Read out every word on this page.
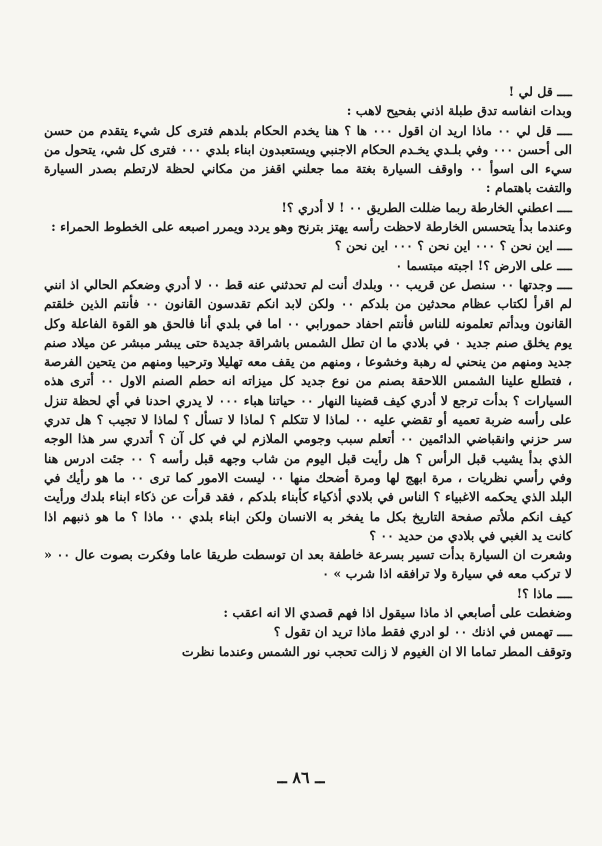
ــــ قل لي !

وبدات انفاسه تدق طبلة اذني بفحيح لاهب :

ــــ قل لي ٠٠ ماذا اريد ان اقول ٠٠٠ ها ؟ هنا يخدم الحكام بلدهم فترى كل شيء يتقدم من حسن الى أحسن ٠٠٠ وفي بلـدي يخـدم الحكام الاجنبي ويستعبدون ابناء بلدي ٠٠٠ فترى كل شي، يتحول من سيء الى اسوأ ٠٠ واوقف السيارة بغتة مما جعلني اقفز من مكاني لحظة لارتطم بصدر السيارة والتفت باهتمام :

ــــ اعطني الخارطة ربما ضللت الطريق ٠٠ ! لا أدري ؟!

وعندما بدأ يتحسس الخارطة لاحظت رأسه يهتز بترنح وهو يردد ويمرر اصبعه على الخطوط الحمراء :

ــــ اين نحن ؟ ٠٠٠ اين نحن ؟ ٠٠٠ اين نحن ؟

ــــ على الارض ؟! اجبته مبتسما ٠

ــــ وجدتها ٠٠ سنصل عن قريب ٠٠ وبلدك أنت لم تحدثني عنه قط ٠٠ لا أدري وضعكم الحالي اذ انني لم اقرأ لكتاب عظام محدثين من بلدكم ٠٠ ولكن لابد انكم تقدسون القانون ٠٠ فأنتم الذين خلقتم القانون وبدأتم تعلمونه للناس فأنتم احفاد حمورابي ٠٠ اما في بلدي أنا فالحق هو القوة الفاعلة وكل يوم يخلق صنم جديد ٠ في بلادي ما ان تطل الشمس باشراقة جديدة حتى يبشر مبشر عن ميلاد صنم جديد ومنهم من ينحني له رهبة وخشوعا ، ومنهم من يقف معه تهليلا وترحيبا ومنهم من يتحين الفرصة ، فتطلع علينا الشمس اللاحقة بصنم من نوع جديد كل ميزاته انه حطم الصنم الاول ٠٠ أترى هذه السيارات ؟ بدأت ترجع لا أدري كيف قضينا النهار ٠٠ حياتنا هباء ٠٠٠ لا يدري احدنا في أي لحظة تنزل على رأسه ضربة تعميه أو تقضي عليه ٠٠ لماذا لا تتكلم ؟ لماذا لا تسأل ؟ لماذا لا تجيب ؟ هل تدري سر حزني وانقباضي الدائمين ٠٠ أتعلم سبب وجومي الملازم لي في كل آن ؟ أتدري سر هذا الوجه الذي بدأ يشيب قبل الرأس ؟ هل رأيت قبل اليوم من شاب وجهه قبل رأسه ؟ ٠٠ جئت ادرس هنا وفي رأسي نظريات ، مرة ابهج لها ومرة أضحك منها ٠٠ ليست الامور كما ترى ٠٠ ما هو رأيك في البلد الذي يحكمه الاغبياء ؟ الناس في بلادي أذكياء كأبناء بلدكم ، فقد قرأت عن ذكاء ابناء بلدك ورأيت كيف انكم ملأتم صفحة التاريخ بكل ما يفخر به الانسان ولكن ابناء بلدي ٠٠ ماذا ؟ ما هو ذنبهم اذا كانت يد الغبي في بلادي من حديد ٠٠ ؟

وشعرت ان السيارة بدأت تسير بسرعة خاطفة بعد ان توسطت طريقا عاما وفكرت بصوت عال ٠٠ « لا تركب معه في سيارة ولا ترافقه اذا شرب » ٠

ــــ ماذا ؟!

وضغطت على أصابعي اذ ماذا سيقول اذا فهم قصدي الا انه اعقب :

ــــ تهمس في اذنك ٠٠ لو ادري فقط ماذا تريد ان تقول ؟

وتوقف المطر تماما الا ان الغيوم لا زالت تحجب نور الشمس وعندما نظرت

ــ ٨٦ ــ
